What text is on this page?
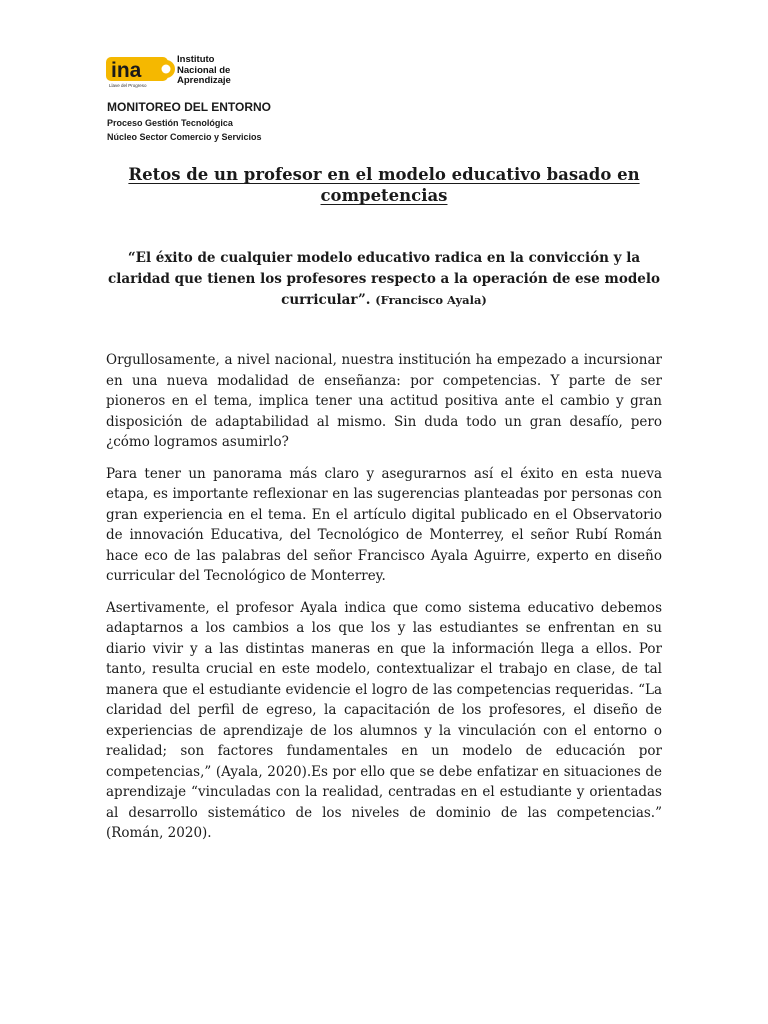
ina	Instituto
Nacional de
Aprendizaje
Llave del Progreso
MONITOREO DEL ENTORNO
Proceso Gestión Tecnológica
Núcleo Sector Comercio y Servicios
Retos de un profesor en el modelo educativo basado en competencias
“El éxito de cualquier modelo educativo radica en la convicción y la claridad que tienen los profesores respecto a la operación de ese modelo curricular”. (Francisco Ayala)

Orgullosamente, a nivel nacional, nuestra institución ha empezado a incursionar en una nueva modalidad de enseñanza: por competencias. Y parte de ser pioneros en el tema, implica tener una actitud positiva ante el cambio y gran disposición de adaptabilidad al mismo. Sin duda todo un gran desafío, pero ¿cómo logramos asumirlo?

Para tener un panorama más claro y asegurarnos así el éxito en esta nueva etapa, es importante reflexionar en las sugerencias planteadas por personas con gran experiencia en el tema. En el artículo digital publicado en el Observatorio de innovación Educativa, del Tecnológico de Monterrey, el señor Rubí Román hace eco de las palabras del señor Francisco Ayala Aguirre, experto en diseño curricular del Tecnológico de Monterrey.

Asertivamente, el profesor Ayala indica que como sistema educativo debemos adaptarnos a los cambios a los que los y las estudiantes se enfrentan en su diario vivir y a las distintas maneras en que la información llega a ellos. Por tanto, resulta crucial en este modelo, contextualizar el trabajo en clase, de tal manera que el estudiante evidencie el logro de las competencias requeridas. “La claridad del perfil de egreso, la capacitación de los profesores, el diseño de experiencias de aprendizaje de los alumnos y la vinculación con el entorno o realidad; son factores fundamentales en un modelo de educación por competencias,” (Ayala, 2020).Es por ello que se debe enfatizar en situaciones de aprendizaje “vinculadas con la realidad, centradas en el estudiante y orientadas al desarrollo sistemático de los niveles de dominio de las competencias.” (Román, 2020).
